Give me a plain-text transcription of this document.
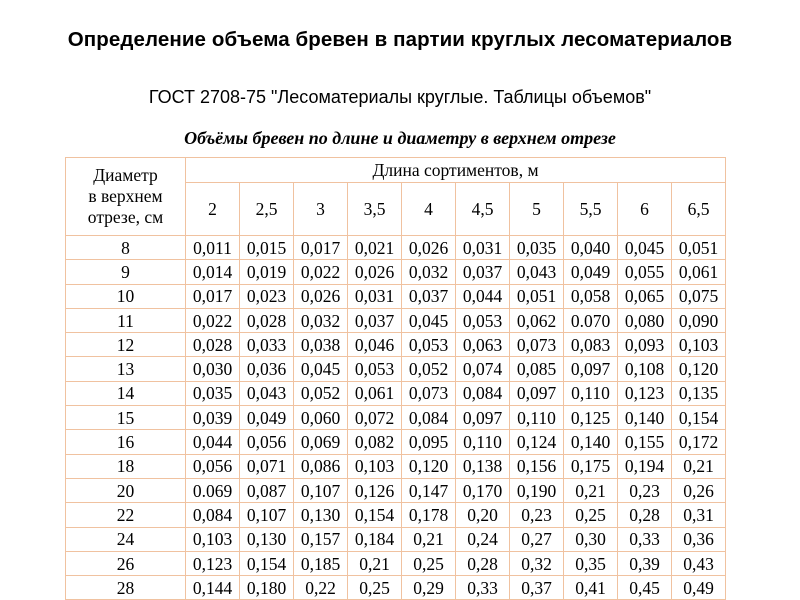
Определение объема бревен в партии круглых лесоматериалов
ГОСТ 2708-75 "Лесоматериалы круглые. Таблицы объемов"
Объёмы бревен по длине и диаметру в верхнем отрезе
Диаметр
в верхнем
отрезе, см	Длина сортиментов, м									
	2	2,5	3	3,5	4	4,5	5	5,5	6	6,5
8	0,011	0,015	0,017	0,021	0,026	0,031	0,035	0,040	0,045	0,051
9	0,014	0,019	0,022	0,026	0,032	0,037	0,043	0,049	0,055	0,061
10	0,017	0,023	0,026	0,031	0,037	0,044	0,051	0,058	0,065	0,075
11	0,022	0,028	0,032	0,037	0,045	0,053	0,062	0.070	0,080	0,090
12	0,028	0,033	0,038	0,046	0,053	0,063	0,073	0,083	0,093	0,103
13	0,030	0,036	0,045	0,053	0,052	0,074	0,085	0,097	0,108	0,120
14	0,035	0,043	0,052	0,061	0,073	0,084	0,097	0,110	0,123	0,135
15	0,039	0,049	0,060	0,072	0,084	0,097	0,110	0,125	0,140	0,154
16	0,044	0,056	0,069	0,082	0,095	0,110	0,124	0,140	0,155	0,172
18	0,056	0,071	0,086	0,103	0,120	0,138	0,156	0,175	0,194	0,21
20	0.069	0,087	0,107	0,126	0,147	0,170	0,190	0,21	0,23	0,26
22	0,084	0,107	0,130	0,154	0,178	0,20	0,23	0,25	0,28	0,31
24	0,103	0,130	0,157	0,184	0,21	0,24	0,27	0,30	0,33	0,36
26	0,123	0,154	0,185	0,21	0,25	0,28	0,32	0,35	0,39	0,43
28	0,144	0,180	0,22	0,25	0,29	0,33	0,37	0,41	0,45	0,49
